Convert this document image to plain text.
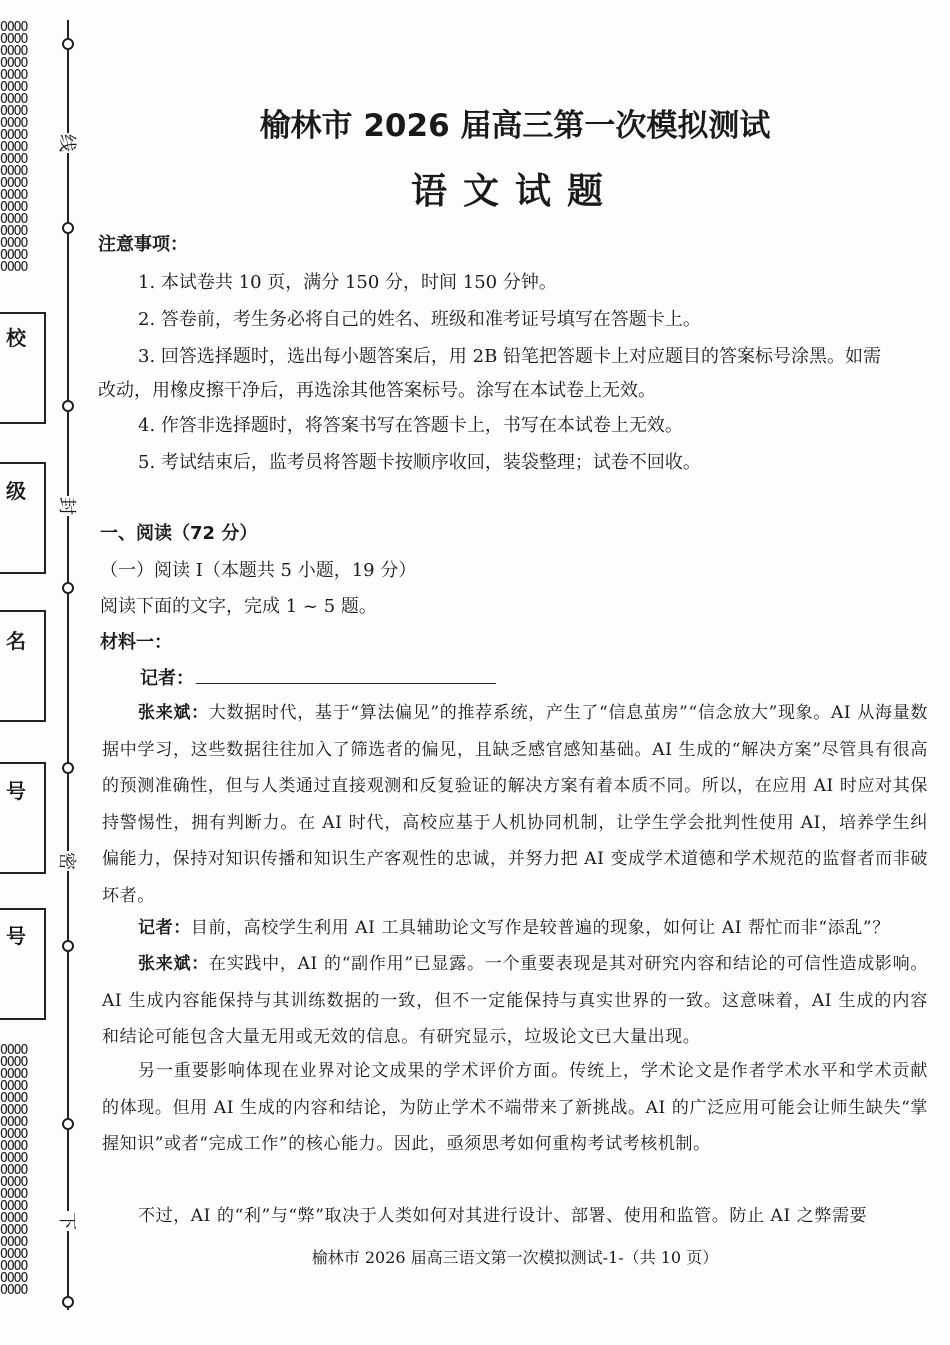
OOOO
OOOO
OOOO
OOOO
OOOO
OOOO
OOOO
OOOO
OOOO
OOOO
OOOO
OOOO
OOOO
OOOO
OOOO
OOOO
OOOO
OOOO
OOOO
OOOO
OOOO
OOOO
OOOO
OOOO
OOOO
OOOO
OOOO
OOOO
OOOO
OOOO
OOOO
OOOO
OOOO
OOOO
OOOO
OOOO
OOOO
OOOO
OOOO
OOOO
OOOO
OOOO
校
级
名
号
号
线
封
密
下
榆林市 2026 届高三第一次模拟测试
语文试题
注意事项：
1. 本试卷共 10 页，满分 150 分，时间 150 分钟。
2. 答卷前，考生务必将自己的姓名、班级和准考证号填写在答题卡上。
3. 回答选择题时，选出每小题答案后，用 2B 铅笔把答题卡上对应题目的答案标号涂黑。如需
改动，用橡皮擦干净后，再选涂其他答案标号。涂写在本试卷上无效。
4. 作答非选择题时，将答案书写在答题卡上，书写在本试卷上无效。
5. 考试结束后，监考员将答题卡按顺序收回，装袋整理；试卷不回收。
一、阅读（72 分）
（一）阅读 I（本题共 5 小题，19 分）
阅读下面的文字，完成 1 ~ 5 题。
材料一：
记者：
张来斌：大数据时代，基于“算法偏见”的推荐系统，产生了“信息茧房”“信念放大”现象。AI 从海量数据中学习，这些数据往往加入了筛选者的偏见，且缺乏感官感知基础。AI 生成的“解决方案”尽管具有很高的预测准确性，但与人类通过直接观测和反复验证的解决方案有着本质不同。所以，在应用 AI 时应对其保持警惕性，拥有判断力。在 AI 时代，高校应基于人机协同机制，让学生学会批判性使用 AI，培养学生纠偏能力，保持对知识传播和知识生产客观性的忠诚，并努力把 AI 变成学术道德和学术规范的监督者而非破坏者。
记者：目前，高校学生利用 AI 工具辅助论文写作是较普遍的现象，如何让 AI 帮忙而非“添乱”？
张来斌：在实践中，AI 的“副作用”已显露。一个重要表现是其对研究内容和结论的可信性造成影响。AI 生成内容能保持与其训练数据的一致，但不一定能保持与真实世界的一致。这意味着，AI 生成的内容和结论可能包含大量无用或无效的信息。有研究显示，垃圾论文已大量出现。
另一重要影响体现在业界对论文成果的学术评价方面。传统上，学术论文是作者学术水平和学术贡献的体现。但用 AI 生成的内容和结论，为防止学术不端带来了新挑战。AI 的广泛应用可能会让师生缺失“掌握知识”或者“完成工作”的核心能力。因此，亟须思考如何重构考试考核机制。
不过，AI 的“利”与“弊”取决于人类如何对其进行设计、部署、使用和监管。防止 AI 之弊需要
榆林市 2026 届高三语文第一次模拟测试-1-（共 10 页）
